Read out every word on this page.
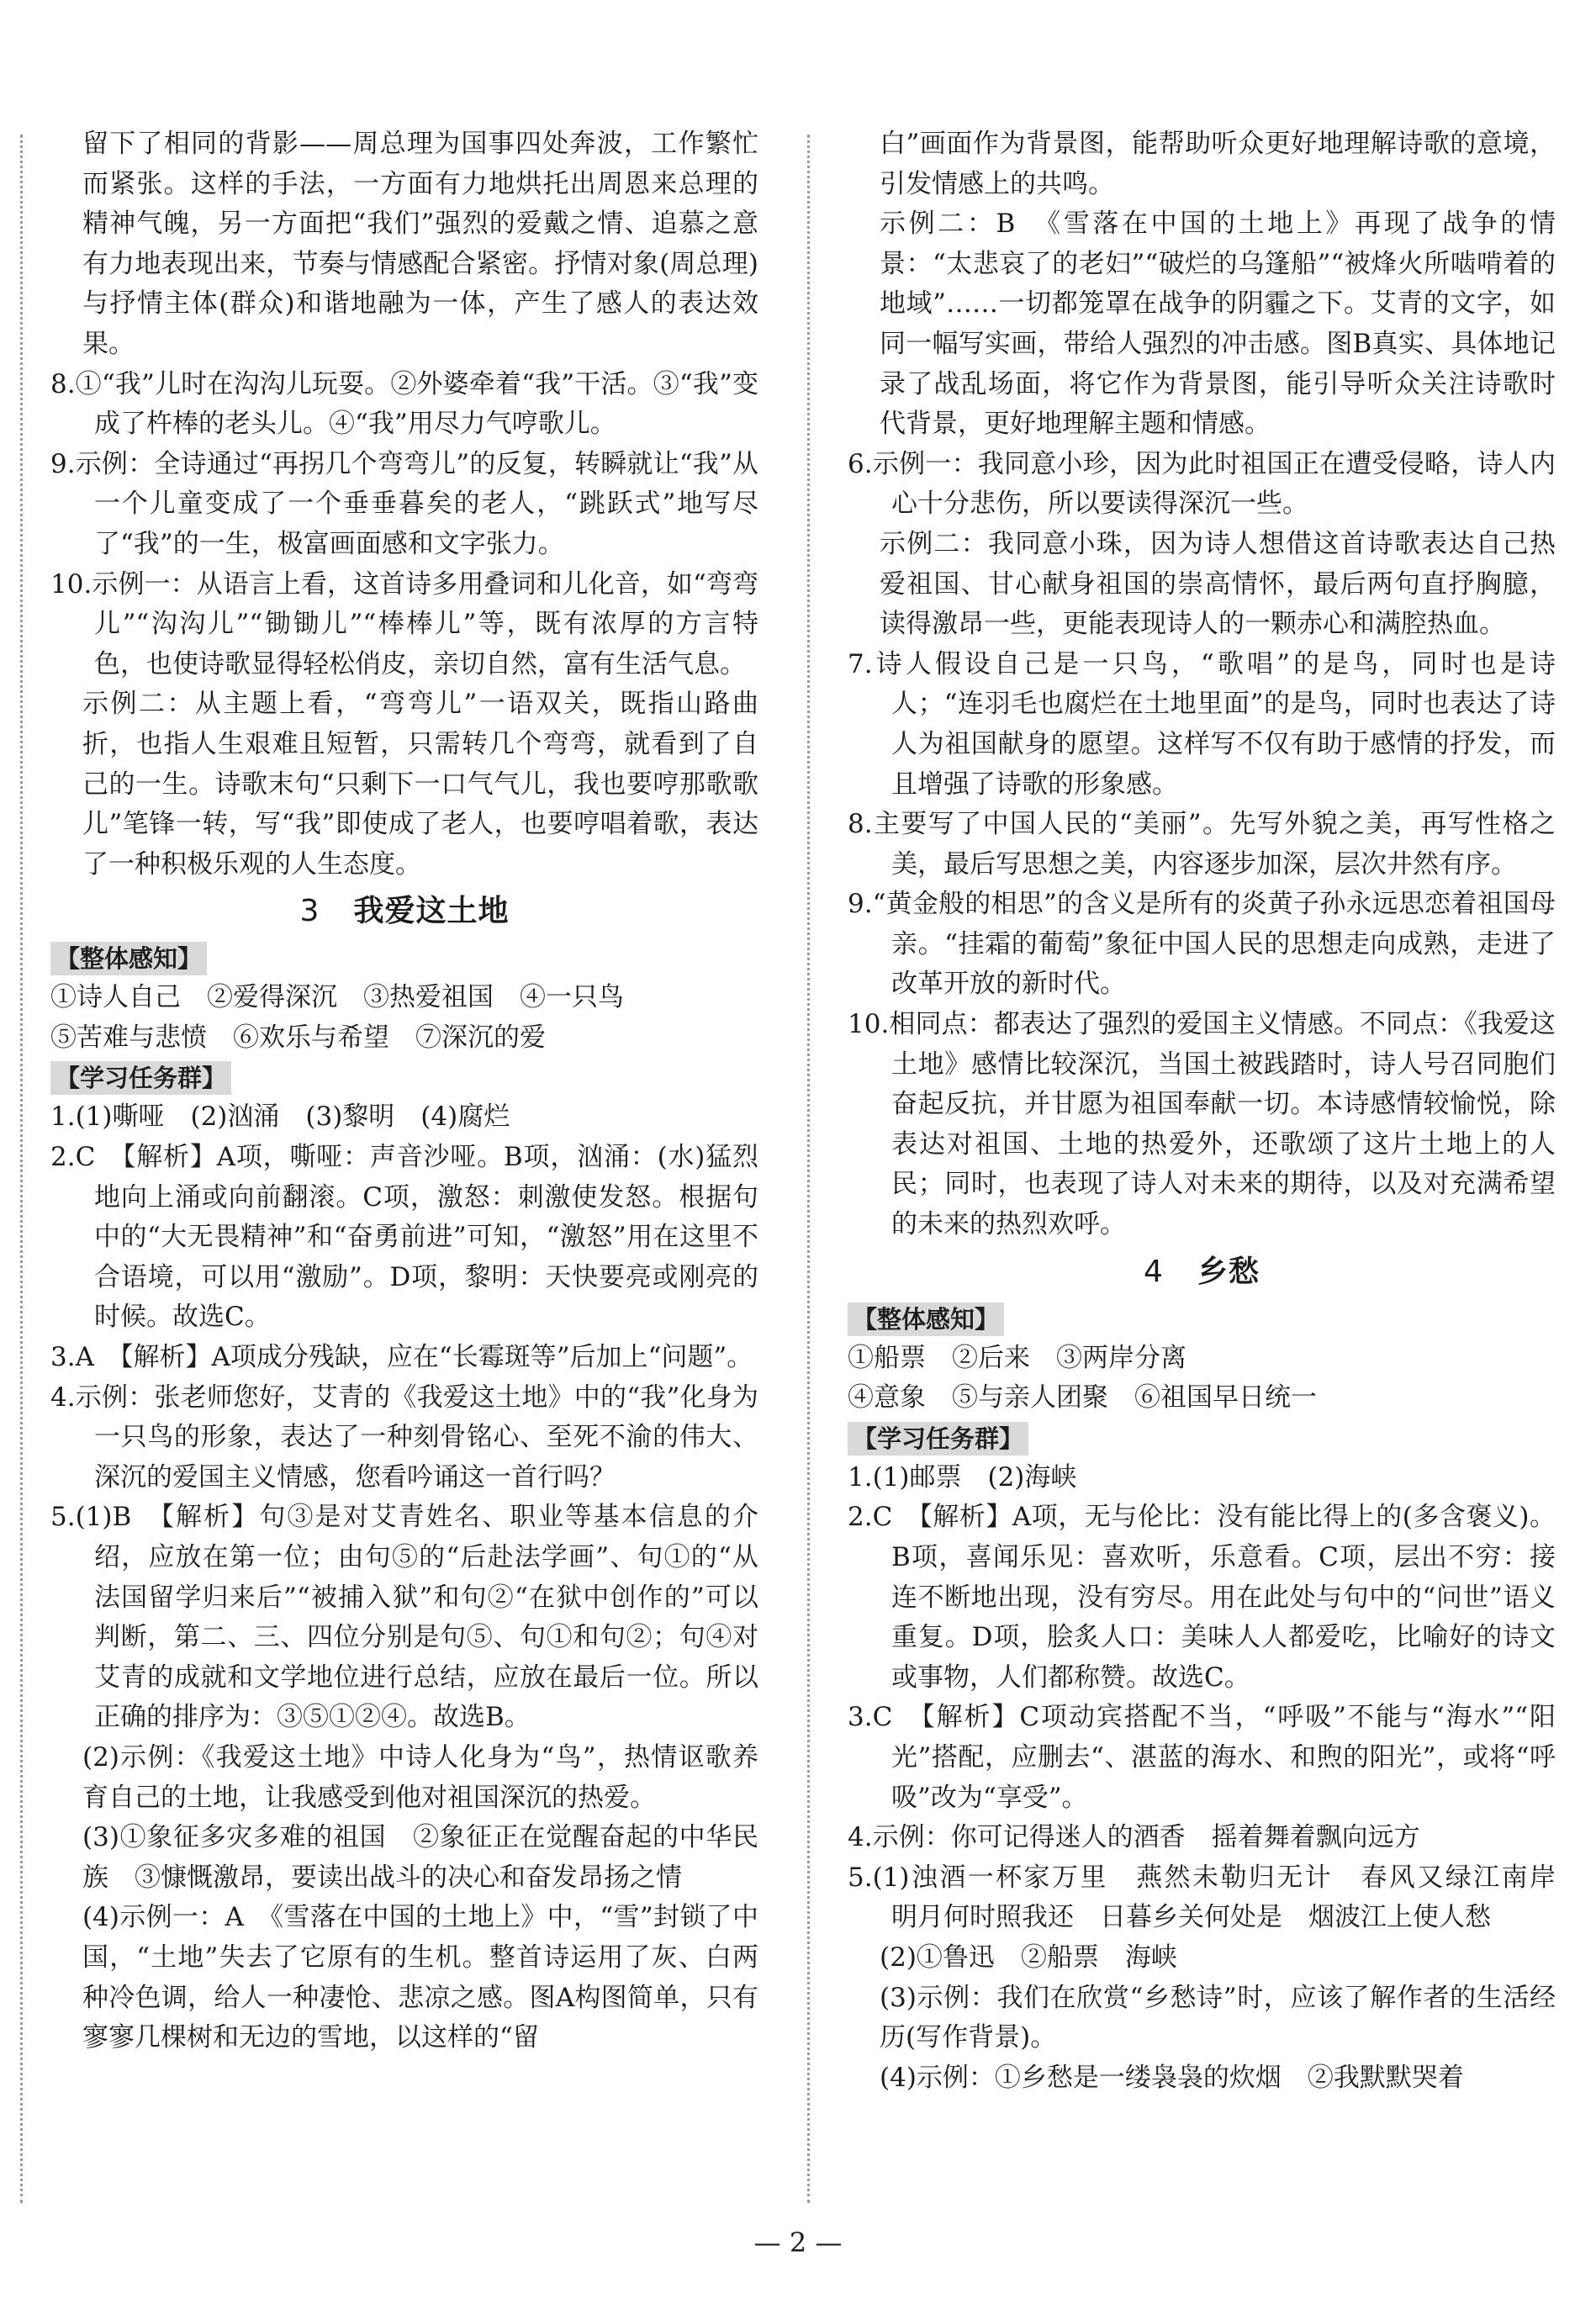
留下了相同的背影——周总理为国事四处奔波，工作繁忙而紧张。这样的手法，一方面有力地烘托出周恩来总理的精神气魄，另一方面把“我们”强烈的爱戴之情、追慕之意有力地表现出来，节奏与情感配合紧密。抒情对象(周总理)与抒情主体(群众)和谐地融为一体，产生了感人的表达效果。

8.①“我”儿时在沟沟儿玩耍。②外婆牵着“我”干活。③“我”变成了杵棒的老头儿。④“我”用尽力气哼歌儿。

9.示例：全诗通过“再拐几个弯弯儿”的反复，转瞬就让“我”从一个儿童变成了一个垂垂暮矣的老人，“跳跃式”地写尽了“我”的一生，极富画面感和文字张力。

10.示例一：从语言上看，这首诗多用叠词和儿化音，如“弯弯儿”“沟沟儿”“锄锄儿”“棒棒儿”等，既有浓厚的方言特色，也使诗歌显得轻松俏皮，亲切自然，富有生活气息。

示例二：从主题上看，“弯弯儿”一语双关，既指山路曲折，也指人生艰难且短暂，只需转几个弯弯，就看到了自己的一生。诗歌末句“只剩下一口气气儿，我也要哼那歌歌儿”笔锋一转，写“我”即使成了老人，也要哼唱着歌，表达了一种积极乐观的人生态度。

3 我爱这土地

【整体感知】

①诗人自己　②爱得深沉　③热爱祖国　④一只鸟

⑤苦难与悲愤　⑥欢乐与希望　⑦深沉的爱

【学习任务群】

1.(1)嘶哑　(2)汹涌　(3)黎明　(4)腐烂

2.C　【解析】A项，嘶哑：声音沙哑。B项，汹涌：(水)猛烈地向上涌或向前翻滚。C项，激怒：刺激使发怒。根据句中的“大无畏精神”和“奋勇前进”可知，“激怒”用在这里不合语境，可以用“激励”。D项，黎明：天快要亮或刚亮的时候。故选C。

3.A　【解析】A项成分残缺，应在“长霉斑等”后加上“问题”。

4.示例：张老师您好，艾青的《我爱这土地》中的“我”化身为一只鸟的形象，表达了一种刻骨铭心、至死不渝的伟大、深沉的爱国主义情感，您看吟诵这一首行吗？

5.(1)B　【解析】句③是对艾青姓名、职业等基本信息的介绍，应放在第一位；由句⑤的“后赴法学画”、句①的“从法国留学归来后”“被捕入狱”和句②“在狱中创作的”可以判断，第二、三、四位分别是句⑤、句①和句②；句④对艾青的成就和文学地位进行总结，应放在最后一位。所以正确的排序为：③⑤①②④。故选B。

(2)示例：《我爱这土地》中诗人化身为“鸟”，热情讴歌养育自己的土地，让我感受到他对祖国深沉的热爱。

(3)①象征多灾多难的祖国　②象征正在觉醒奋起的中华民族　③慷慨激昂，要读出战斗的决心和奋发昂扬之情

(4)示例一：A　《雪落在中国的土地上》中，“雪”封锁了中国，“土地”失去了它原有的生机。整首诗运用了灰、白两种冷色调，给人一种凄怆、悲凉之感。图A构图简单，只有寥寥几棵树和无边的雪地，以这样的“留

白”画面作为背景图，能帮助听众更好地理解诗歌的意境，引发情感上的共鸣。

示例二：B　《雪落在中国的土地上》再现了战争的情景：“太悲哀了的老妇”“破烂的乌篷船”“被烽火所啮啃着的地域”……一切都笼罩在战争的阴霾之下。艾青的文字，如同一幅写实画，带给人强烈的冲击感。图B真实、具体地记录了战乱场面，将它作为背景图，能引导听众关注诗歌时代背景，更好地理解主题和情感。

6.示例一：我同意小珍，因为此时祖国正在遭受侵略，诗人内心十分悲伤，所以要读得深沉一些。

示例二：我同意小珠，因为诗人想借这首诗歌表达自己热爱祖国、甘心献身祖国的崇高情怀，最后两句直抒胸臆，读得激昂一些，更能表现诗人的一颗赤心和满腔热血。

7.诗人假设自己是一只鸟，“歌唱”的是鸟，同时也是诗人；“连羽毛也腐烂在土地里面”的是鸟，同时也表达了诗人为祖国献身的愿望。这样写不仅有助于感情的抒发，而且增强了诗歌的形象感。

8.主要写了中国人民的“美丽”。先写外貌之美，再写性格之美，最后写思想之美，内容逐步加深，层次井然有序。

9.“黄金般的相思”的含义是所有的炎黄子孙永远思恋着祖国母亲。“挂霜的葡萄”象征中国人民的思想走向成熟，走进了改革开放的新时代。

10.相同点：都表达了强烈的爱国主义情感。不同点：《我爱这土地》感情比较深沉，当国土被践踏时，诗人号召同胞们奋起反抗，并甘愿为祖国奉献一切。本诗感情较愉悦，除表达对祖国、土地的热爱外，还歌颂了这片土地上的人民；同时，也表现了诗人对未来的期待，以及对充满希望的未来的热烈欢呼。

4 乡愁

【整体感知】

①船票　②后来　③两岸分离

④意象　⑤与亲人团聚　⑥祖国早日统一

【学习任务群】

1.(1)邮票　(2)海峡

2.C　【解析】A项，无与伦比：没有能比得上的(多含褒义)。B项，喜闻乐见：喜欢听，乐意看。C项，层出不穷：接连不断地出现，没有穷尽。用在此处与句中的“问世”语义重复。D项，脍炙人口：美味人人都爱吃，比喻好的诗文或事物，人们都称赞。故选C。

3.C　【解析】C项动宾搭配不当，“呼吸”不能与“海水”“阳光”搭配，应删去“、湛蓝的海水、和煦的阳光”，或将“呼吸”改为“享受”。

4.示例：你可记得迷人的酒香　摇着舞着飘向远方

5.(1)浊酒一杯家万里　燕然未勒归无计　春风又绿江南岸　明月何时照我还　日暮乡关何处是　烟波江上使人愁

(2)①鲁迅　②船票　海峡

(3)示例：我们在欣赏“乡愁诗”时，应该了解作者的生活经历(写作背景)。

(4)示例：①乡愁是一缕袅袅的炊烟　②我默默哭着

— 2 —
